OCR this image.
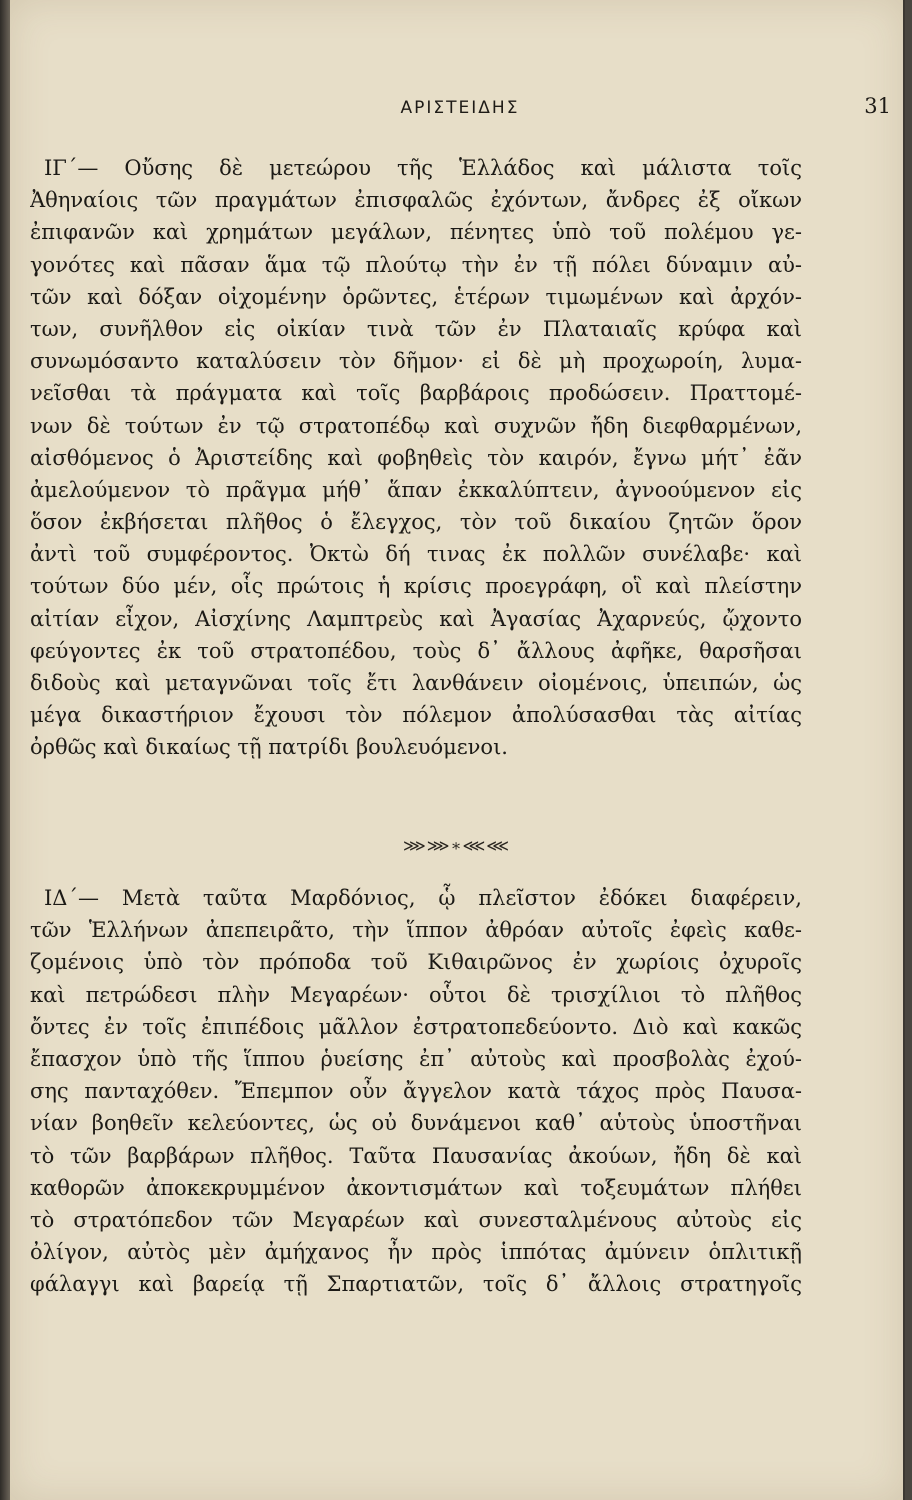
ΑΡΙΣΤΕΙΔΗΣ	31

ΙΓ΄— Οὔσης δὲ μετεώρου τῆς Ἑλλάδος καὶ μάλιστα τοῖς
Ἀθηναίοις τῶν πραγμάτων ἐπισφαλῶς ἐχόντων, ἄνδρες ἐξ οἴκων
ἐπιφανῶν καὶ χρημάτων μεγάλων, πένητες ὑπὸ τοῦ πολέμου γε-
γονότες καὶ πᾶσαν ἅμα τῷ πλούτῳ τὴν ἐν τῇ πόλει δύναμιν αὐ-
τῶν καὶ δόξαν οἰχομένην ὁρῶντες, ἑτέρων τιμωμένων καὶ ἀρχόν-
των, συνῆλθον εἰς οἰκίαν τινὰ τῶν ἐν Πλαταιαῖς κρύφα καὶ
συνωμόσαντο καταλύσειν τὸν δῆμον· εἰ δὲ μὴ προχωροίη, λυμα-
νεῖσθαι τὰ πράγματα καὶ τοῖς βαρβάροις προδώσειν. Πραττομέ-
νων δὲ τούτων ἐν τῷ στρατοπέδῳ καὶ συχνῶν ἤδη διεφθαρμένων,
αἰσθόμενος ὁ Ἀριστείδης καὶ φοβηθεὶς τὸν καιρόν, ἔγνω μήτ᾽ ἐᾶν
ἀμελούμενον τὸ πρᾶγμα μήθ᾽ ἅπαν ἐκκαλύπτειν, ἀγνοούμενον εἰς
ὅσον ἐκβήσεται πλῆθος ὁ ἔλεγχος, τὸν τοῦ δικαίου ζητῶν ὅρον
ἀντὶ τοῦ συμφέροντος. Ὀκτὼ δή τινας ἐκ πολλῶν συνέλαβε· καὶ
τούτων δύο μέν, οἷς πρώτοις ἡ κρίσις προεγράφη, οἳ καὶ πλείστην
αἰτίαν εἶχον, Αἰσχίνης Λαμπτρεὺς καὶ Ἀγασίας Ἀχαρνεύς, ᾤχοντο
φεύγοντες ἐκ τοῦ στρατοπέδου, τοὺς δ᾽ ἄλλους ἀφῆκε, θαρσῆσαι
διδοὺς καὶ μεταγνῶναι τοῖς ἔτι λανθάνειν οἰομένοις, ὑπειπών, ὡς
μέγα δικαστήριον ἔχουσι τὸν πόλεμον ἀπολύσασθαι τὰς αἰτίας
ὀρθῶς καὶ δικαίως τῇ πατρίδι βουλευόμενοι.

⋙⋙∗⋘⋘

ΙΔ΄— Μετὰ ταῦτα Μαρδόνιος, ᾧ πλεῖστον ἐδόκει διαφέρειν,
τῶν Ἑλλήνων ἀπεπειρᾶτο, τὴν ἵππον ἀθρόαν αὐτοῖς ἐφεὶς καθε-
ζομένοις ὑπὸ τὸν πρόποδα τοῦ Κιθαιρῶνος ἐν χωρίοις ὀχυροῖς
καὶ πετρώδεσι πλὴν Μεγαρέων· οὗτοι δὲ τρισχίλιοι τὸ πλῆθος
ὄντες ἐν τοῖς ἐπιπέδοις μᾶλλον ἐστρατοπεδεύοντο. Διὸ καὶ κακῶς
ἔπασχον ὑπὸ τῆς ἵππου ῥυείσης ἐπ᾽ αὐτοὺς καὶ προσβολὰς ἐχού-
σης πανταχόθεν. Ἔπεμπον οὖν ἄγγελον κατὰ τάχος πρὸς Παυσα-
νίαν βοηθεῖν κελεύοντες, ὡς οὐ δυνάμενοι καθ᾽ αὑτοὺς ὑποστῆναι
τὸ τῶν βαρβάρων πλῆθος. Ταῦτα Παυσανίας ἀκούων, ἤδη δὲ καὶ
καθορῶν ἀποκεκρυμμένον ἀκοντισμάτων καὶ τοξευμάτων πλήθει
τὸ στρατόπεδον τῶν Μεγαρέων καὶ συνεσταλμένους αὐτοὺς εἰς
ὀλίγον, αὐτὸς μὲν ἀμήχανος ἦν πρὸς ἱππότας ἀμύνειν ὁπλιτικῇ
φάλαγγι καὶ βαρείᾳ τῇ Σπαρτιατῶν, τοῖς δ᾽ ἄλλοις στρατηγοῖς
